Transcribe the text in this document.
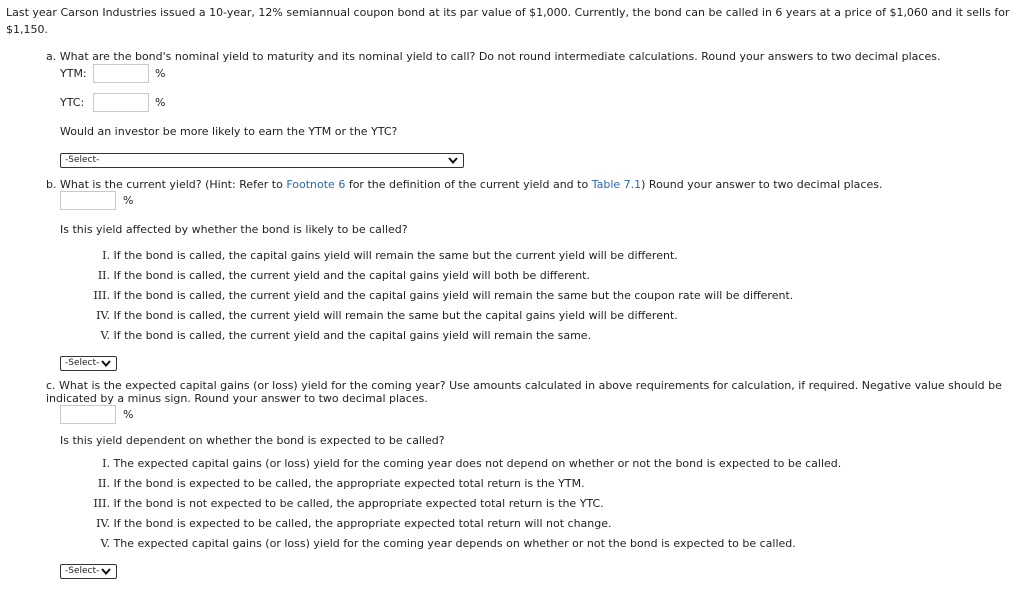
Last year Carson Industries issued a 10-year, 12% semiannual coupon bond at its par value of $1,000. Currently, the bond can be called in 6 years at a price of $1,060 and it sells for $1,150.
a. What are the bond's nominal yield to maturity and its nominal yield to call? Do not round intermediate calculations. Round your answers to two decimal places.
YTM:	%
YTC:	%
Would an investor be more likely to earn the YTM or the YTC?
-Select-
b. What is the current yield? (Hint: Refer to Footnote 6 for the definition of the current yield and to Table 7.1) Round your answer to two decimal places.
%
Is this yield affected by whether the bond is likely to be called?
I. If the bond is called, the capital gains yield will remain the same but the current yield will be different.
II. If the bond is called, the current yield and the capital gains yield will both be different.
III. If the bond is called, the current yield and the capital gains yield will remain the same but the coupon rate will be different.
IV. If the bond is called, the current yield will remain the same but the capital gains yield will be different.
V. If the bond is called, the current yield and the capital gains yield will remain the same.
-Select-
c. What is the expected capital gains (or loss) yield for the coming year? Use amounts calculated in above requirements for calculation, if required. Negative value should be indicated by a minus sign. Round your answer to two decimal places.
%
Is this yield dependent on whether the bond is expected to be called?
I. The expected capital gains (or loss) yield for the coming year does not depend on whether or not the bond is expected to be called.
II. If the bond is expected to be called, the appropriate expected total return is the YTM.
III. If the bond is not expected to be called, the appropriate expected total return is the YTC.
IV. If the bond is expected to be called, the appropriate expected total return will not change.
V. The expected capital gains (or loss) yield for the coming year depends on whether or not the bond is expected to be called.
-Select-
